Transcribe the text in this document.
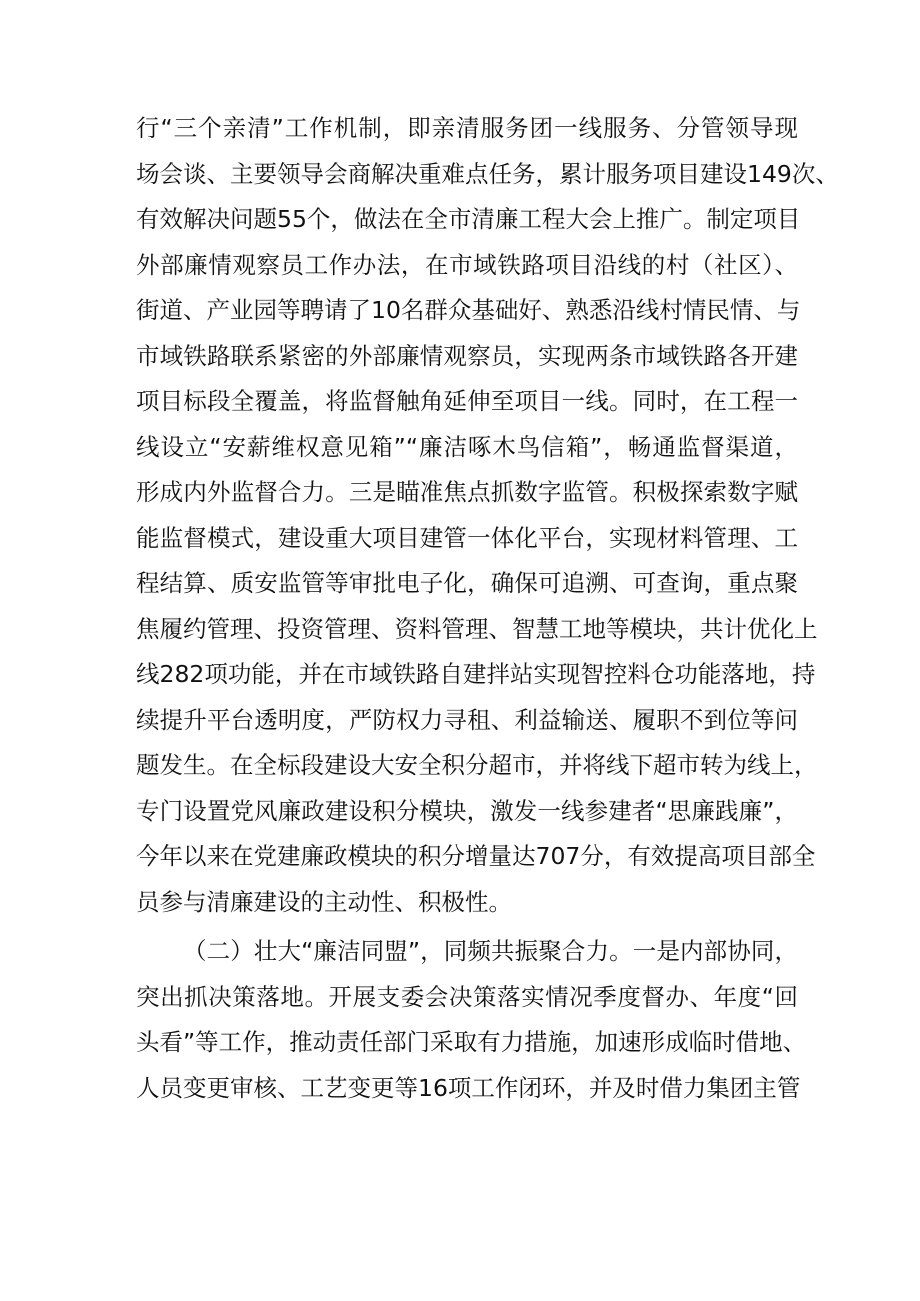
行“三个亲清”工作机制，即亲清服务团一线服务、分管领导现
场会谈、主要领导会商解决重难点任务，累计服务项目建设149次、
有效解决问题55个，做法在全市清廉工程大会上推广。制定项目
外部廉情观察员工作办法，在市域铁路项目沿线的村（社区）、
街道、产业园等聘请了10名群众基础好、熟悉沿线村情民情、与
市域铁路联系紧密的外部廉情观察员，实现两条市域铁路各开建
项目标段全覆盖，将监督触角延伸至项目一线。同时，在工程一
线设立“安薪维权意见箱”“廉洁啄木鸟信箱”，畅通监督渠道，
形成内外监督合力。三是瞄准焦点抓数字监管。积极探索数字赋
能监督模式，建设重大项目建管一体化平台，实现材料管理、工
程结算、质安监管等审批电子化，确保可追溯、可查询，重点聚
焦履约管理、投资管理、资料管理、智慧工地等模块，共计优化上
线282项功能，并在市域铁路自建拌站实现智控料仓功能落地，持
续提升平台透明度，严防权力寻租、利益输送、履职不到位等问
题发生。在全标段建设大安全积分超市，并将线下超市转为线上，
专门设置党风廉政建设积分模块，激发一线参建者“思廉践廉”，
今年以来在党建廉政模块的积分增量达707分，有效提高项目部全
员参与清廉建设的主动性、积极性。
（二）壮大“廉洁同盟”，同频共振聚合力。一是内部协同，
突出抓决策落地。开展支委会决策落实情况季度督办、年度“回
头看”等工作，推动责任部门采取有力措施，加速形成临时借地、
人员变更审核、工艺变更等16项工作闭环，并及时借力集团主管
